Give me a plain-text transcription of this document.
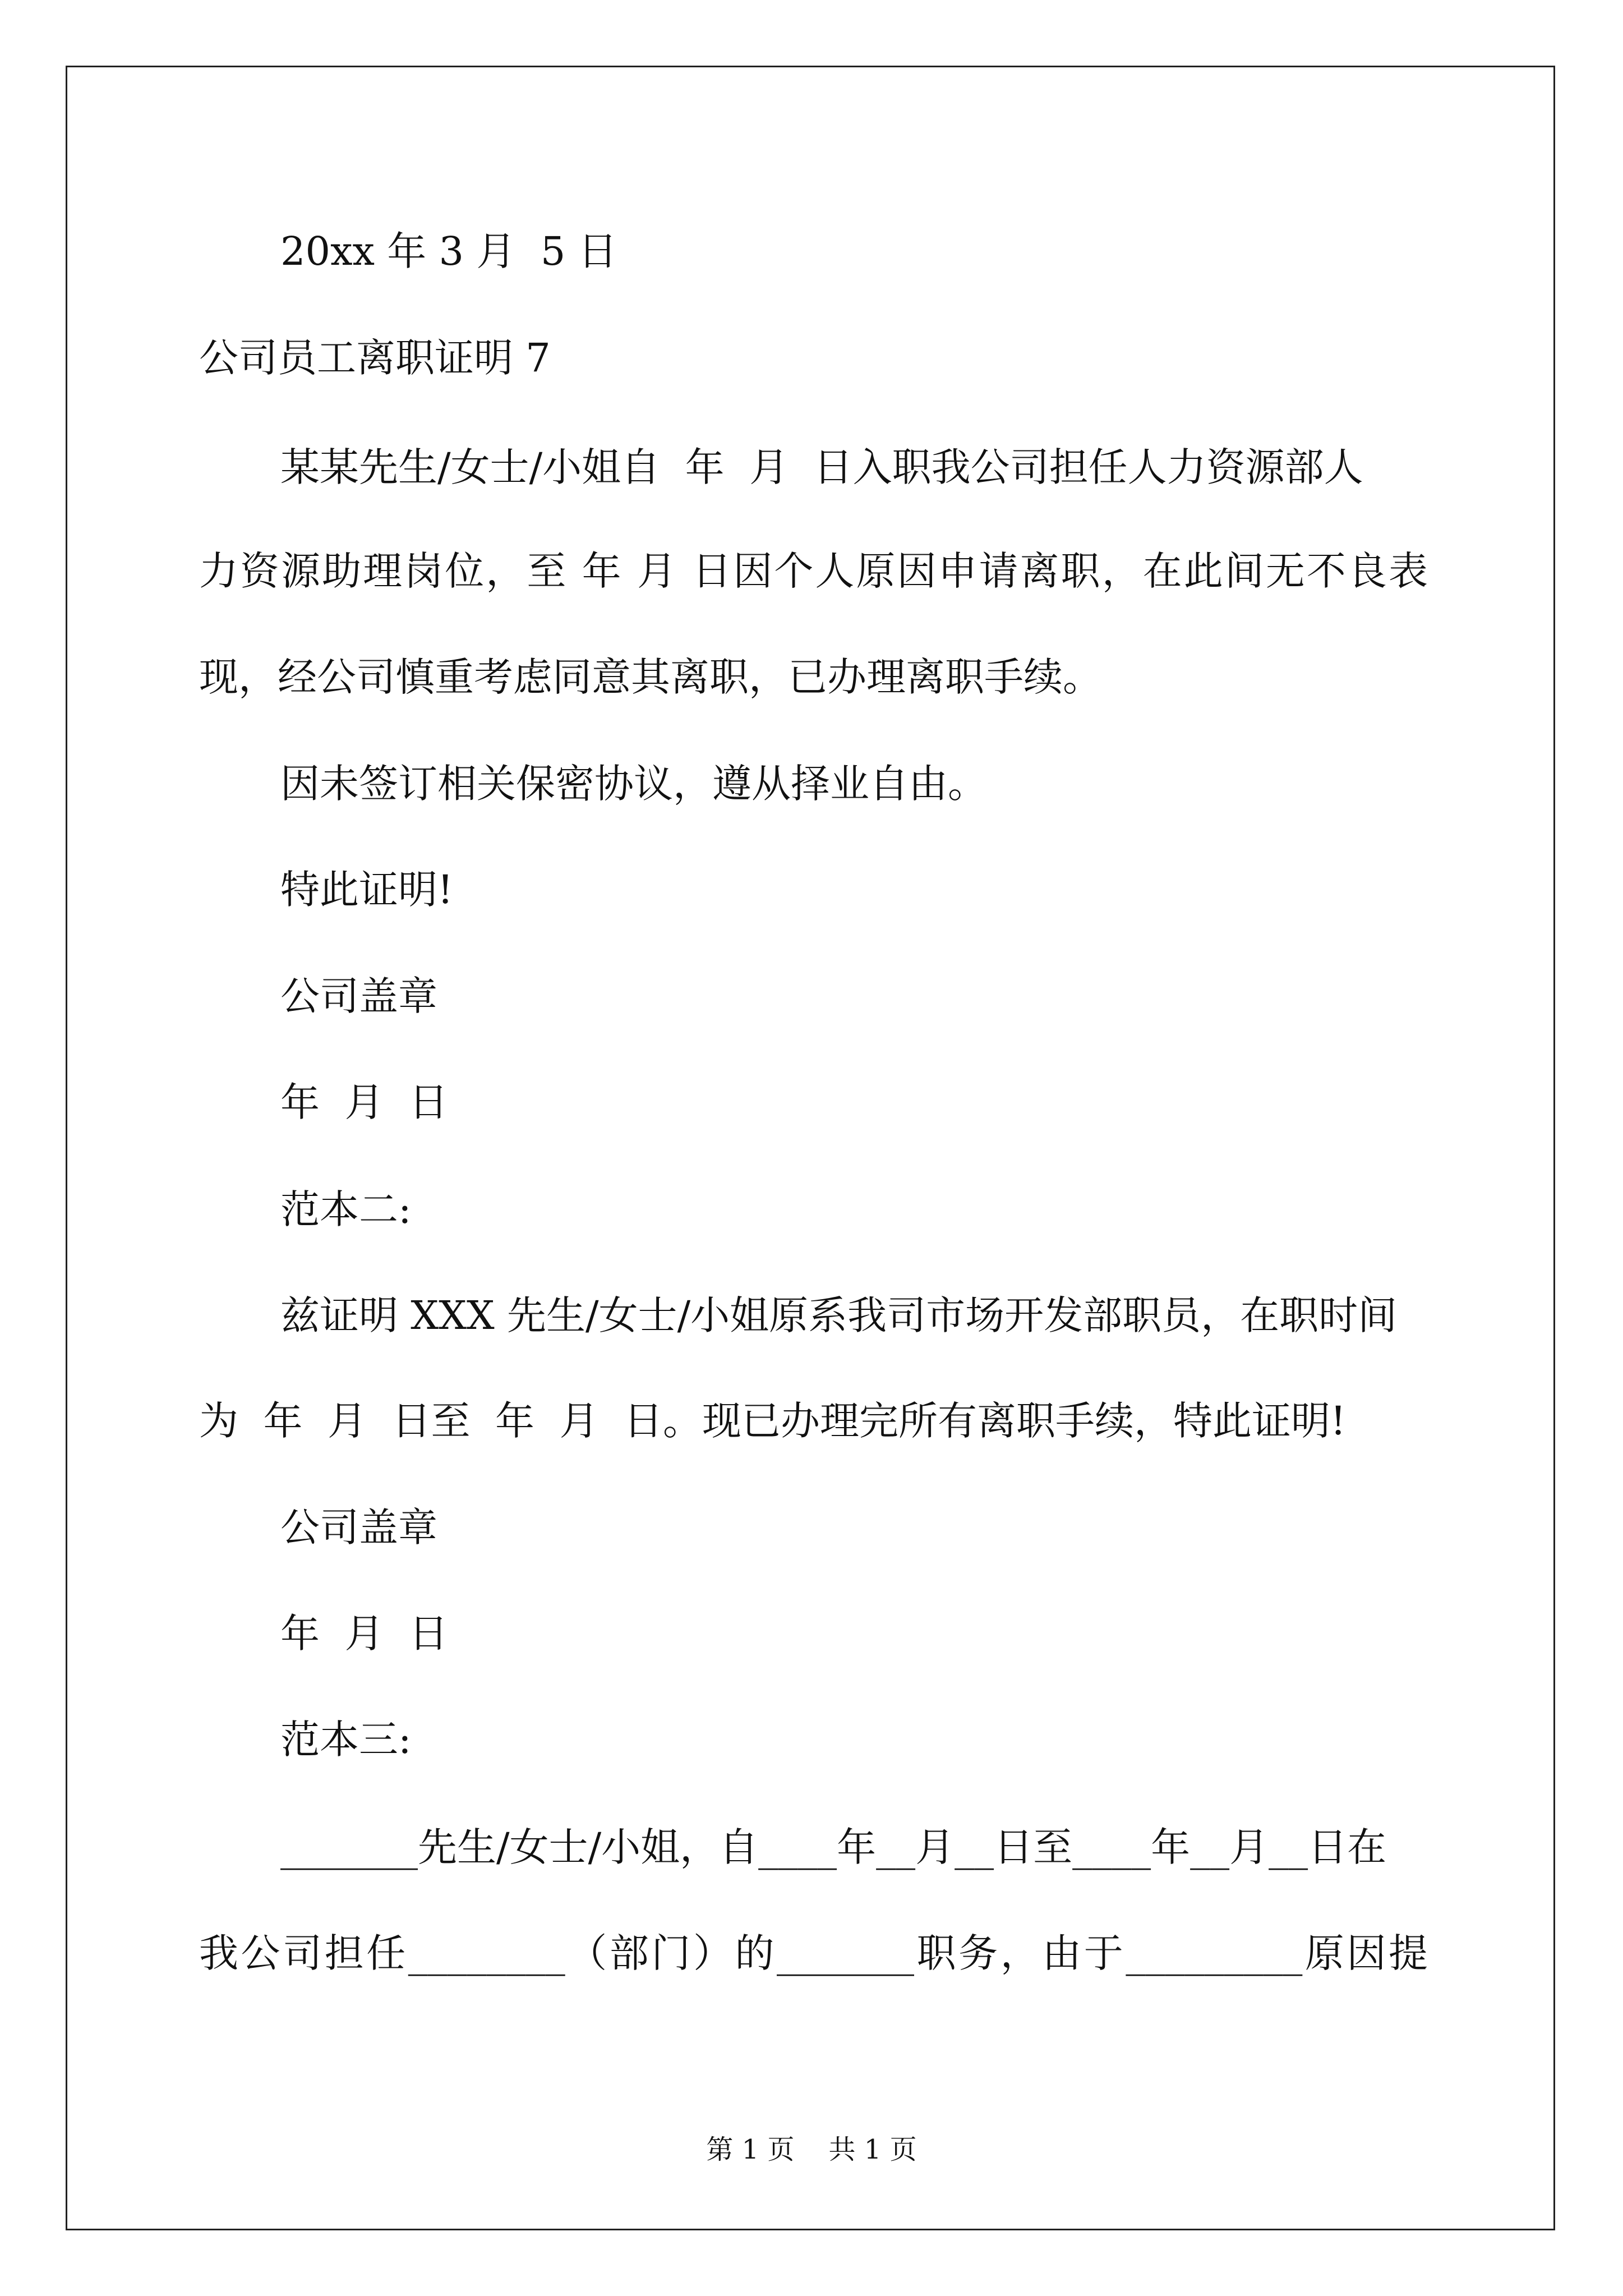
20xx 年 3 月  5 日
公司员工离职证明 7
某某先生/女士/小姐自  年  月  日入职我公司担任人力资源部人
力资源助理岗位，至 年 月 日因个人原因申请离职，在此间无不良表
现，经公司慎重考虑同意其离职，已办理离职手续。
因未签订相关保密协议，遵从择业自由。
特此证明!
公司盖章
年  月  日
范本二:
兹证明 XXX 先生/女士/小姐原系我司市场开发部职员，在职时间
为  年  月  日至  年  月  日。现已办理完所有离职手续，特此证明!
公司盖章
年  月  日
范本三:
_______先生/女士/小姐，自____年__月__日至____年__月__日在
我公司担任________（部门）的_______职务，由于_________原因提
第 1 页    共 1 页
